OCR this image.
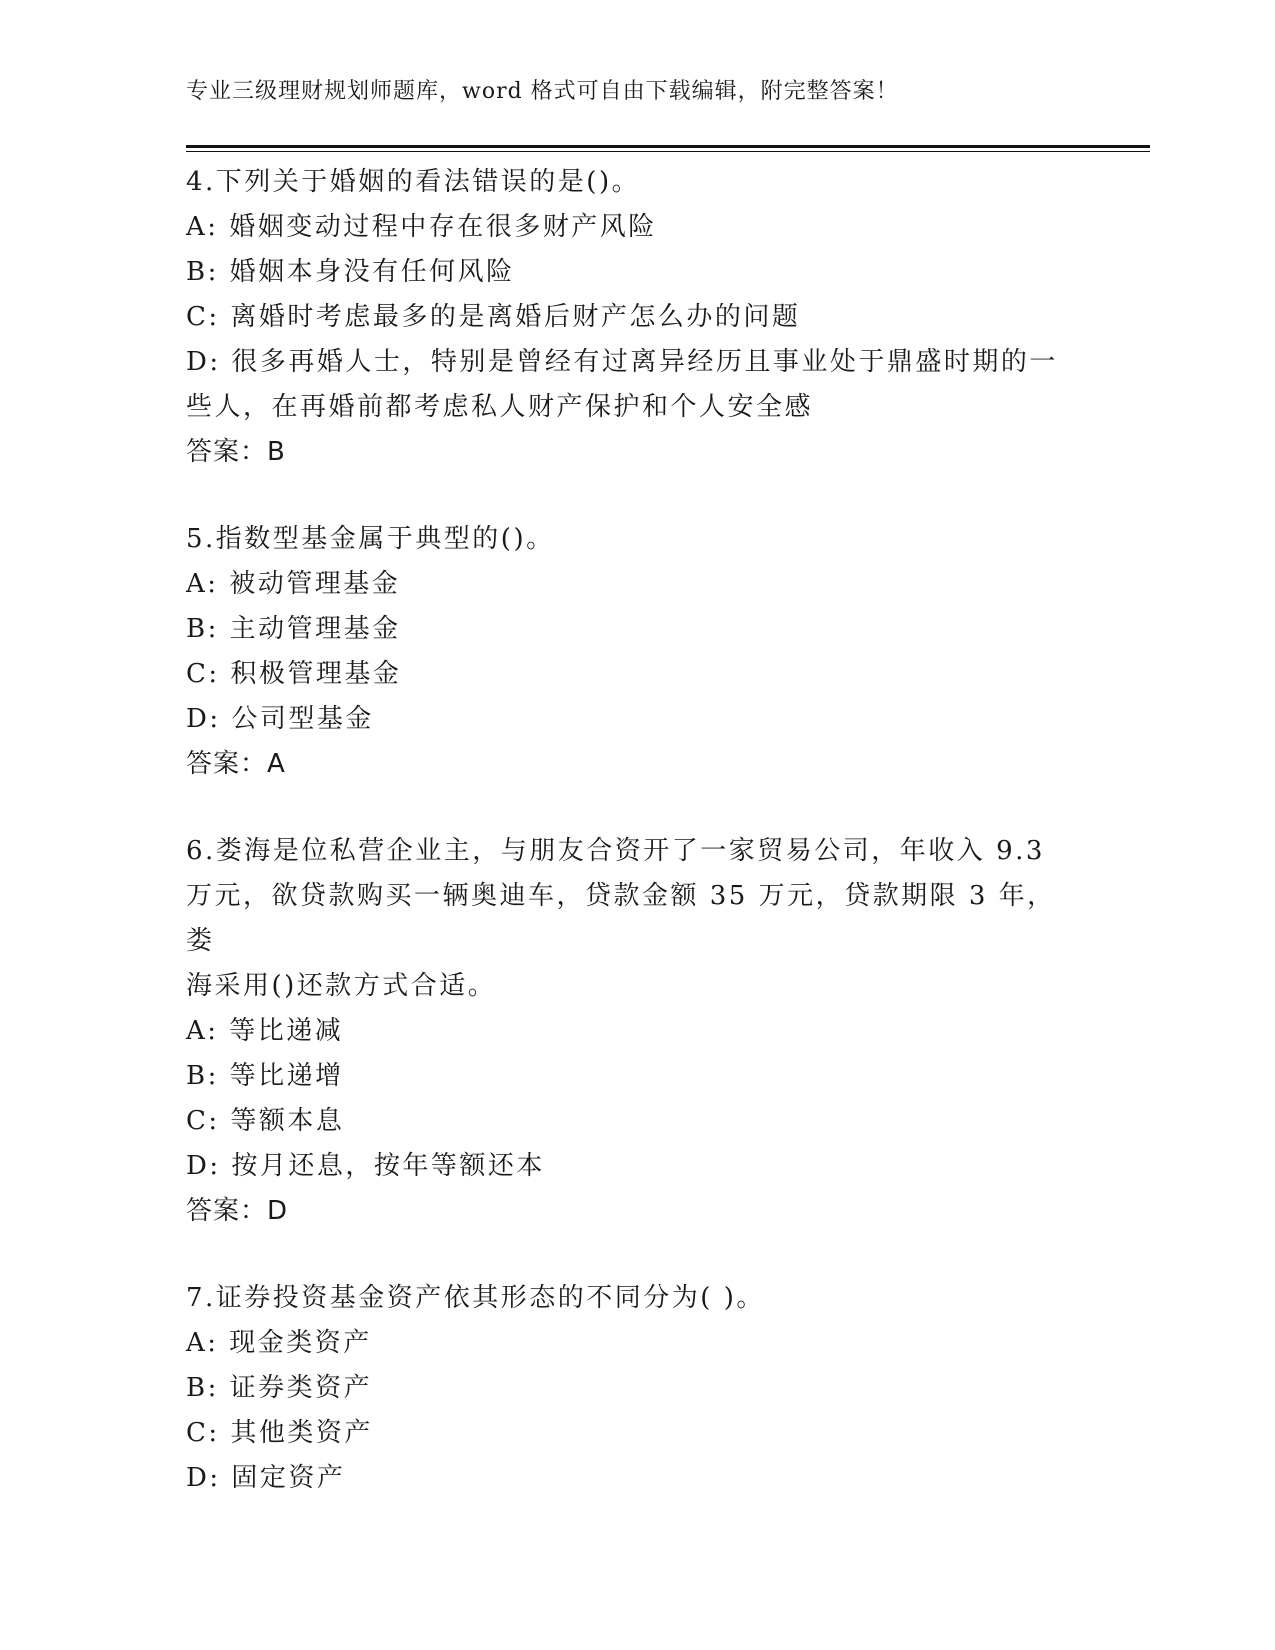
专业三级理财规划师题库，word 格式可自由下载编辑，附完整答案！

4.下列关于婚姻的看法错误的是()。

A: 婚姻变动过程中存在很多财产风险

B: 婚姻本身没有任何风险

C: 离婚时考虑最多的是离婚后财产怎么办的问题

D: 很多再婚人士，特别是曾经有过离异经历且事业处于鼎盛时期的一

些人，在再婚前都考虑私人财产保护和个人安全感

答案：B

5.指数型基金属于典型的()。

A: 被动管理基金

B: 主动管理基金

C: 积极管理基金

D: 公司型基金

答案：A

6.娄海是位私营企业主，与朋友合资开了一家贸易公司，年收入 9.3

万元，欲贷款购买一辆奥迪车，贷款金额 35 万元，贷款期限 3 年，娄

海采用()还款方式合适。

A: 等比递减

B: 等比递增

C: 等额本息

D: 按月还息，按年等额还本

答案：D

7.证券投资基金资产依其形态的不同分为( )。

A: 现金类资产

B: 证券类资产

C: 其他类资产

D: 固定资产
